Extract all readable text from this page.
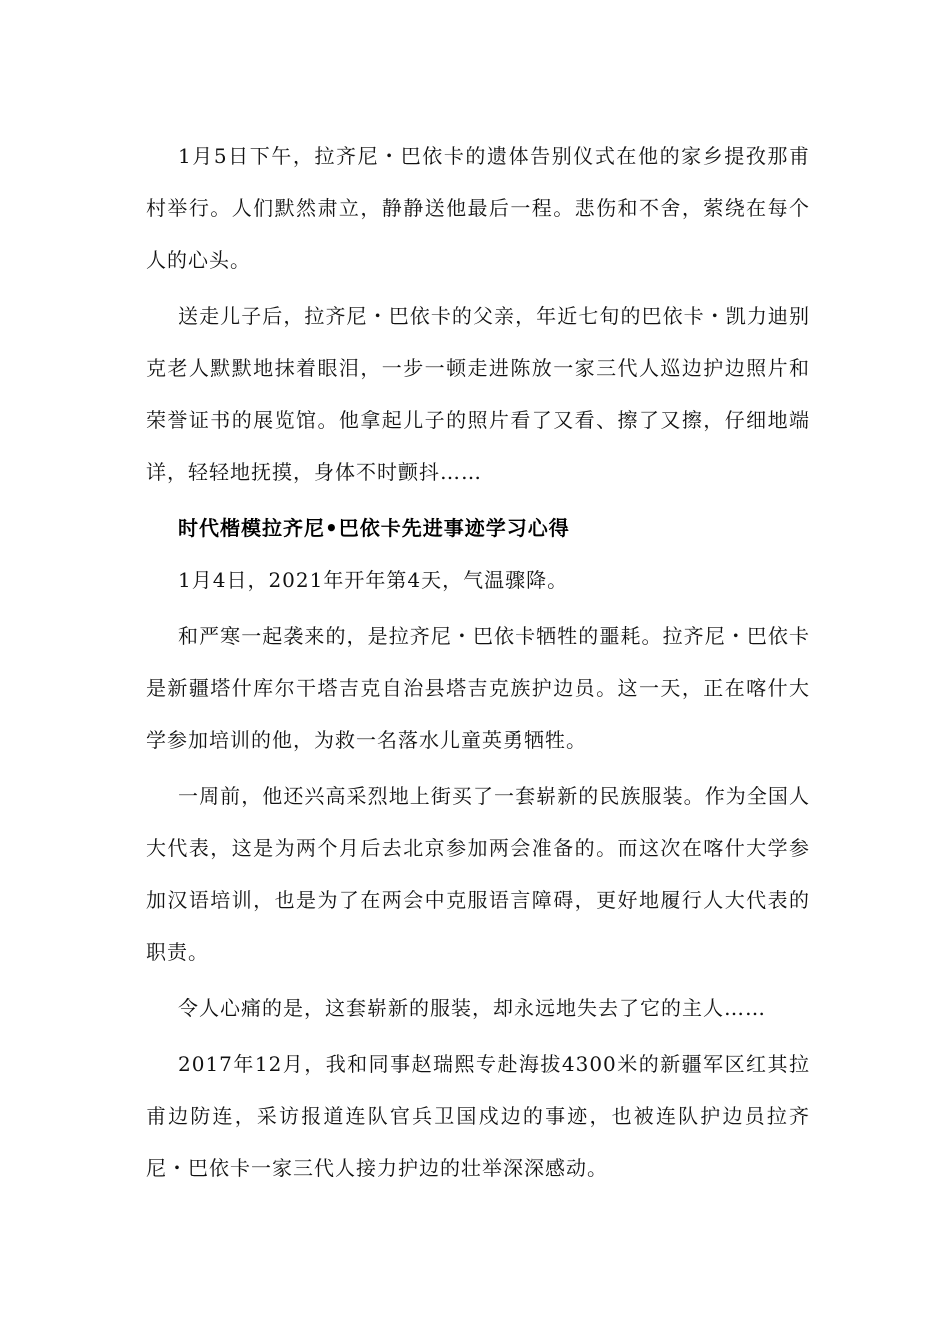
1月5日下午，拉齐尼・巴依卡的遗体告别仪式在他的家乡提孜那甫村举行。人们默然肃立，静静送他最后一程。悲伤和不舍，萦绕在每个人的心头。

送走儿子后，拉齐尼・巴依卡的父亲，年近七旬的巴依卡・凯力迪别克老人默默地抹着眼泪，一步一顿走进陈放一家三代人巡边护边照片和荣誉证书的展览馆。他拿起儿子的照片看了又看、擦了又擦，仔细地端详，轻轻地抚摸，身体不时颤抖……

时代楷模拉齐尼•巴依卡先进事迹学习心得

1月4日，2021年开年第4天，气温骤降。

和严寒一起袭来的，是拉齐尼・巴依卡牺牲的噩耗。拉齐尼・巴依卡是新疆塔什库尔干塔吉克自治县塔吉克族护边员。这一天，正在喀什大学参加培训的他，为救一名落水儿童英勇牺牲。

一周前，他还兴高采烈地上街买了一套崭新的民族服装。作为全国人大代表，这是为两个月后去北京参加两会准备的。而这次在喀什大学参加汉语培训，也是为了在两会中克服语言障碍，更好地履行人大代表的职责。

令人心痛的是，这套崭新的服装，却永远地失去了它的主人……

2017年12月，我和同事赵瑞熙专赴海拔4300米的新疆军区红其拉甫边防连，采访报道连队官兵卫国戍边的事迹，也被连队护边员拉齐尼・巴依卡一家三代人接力护边的壮举深深感动。
